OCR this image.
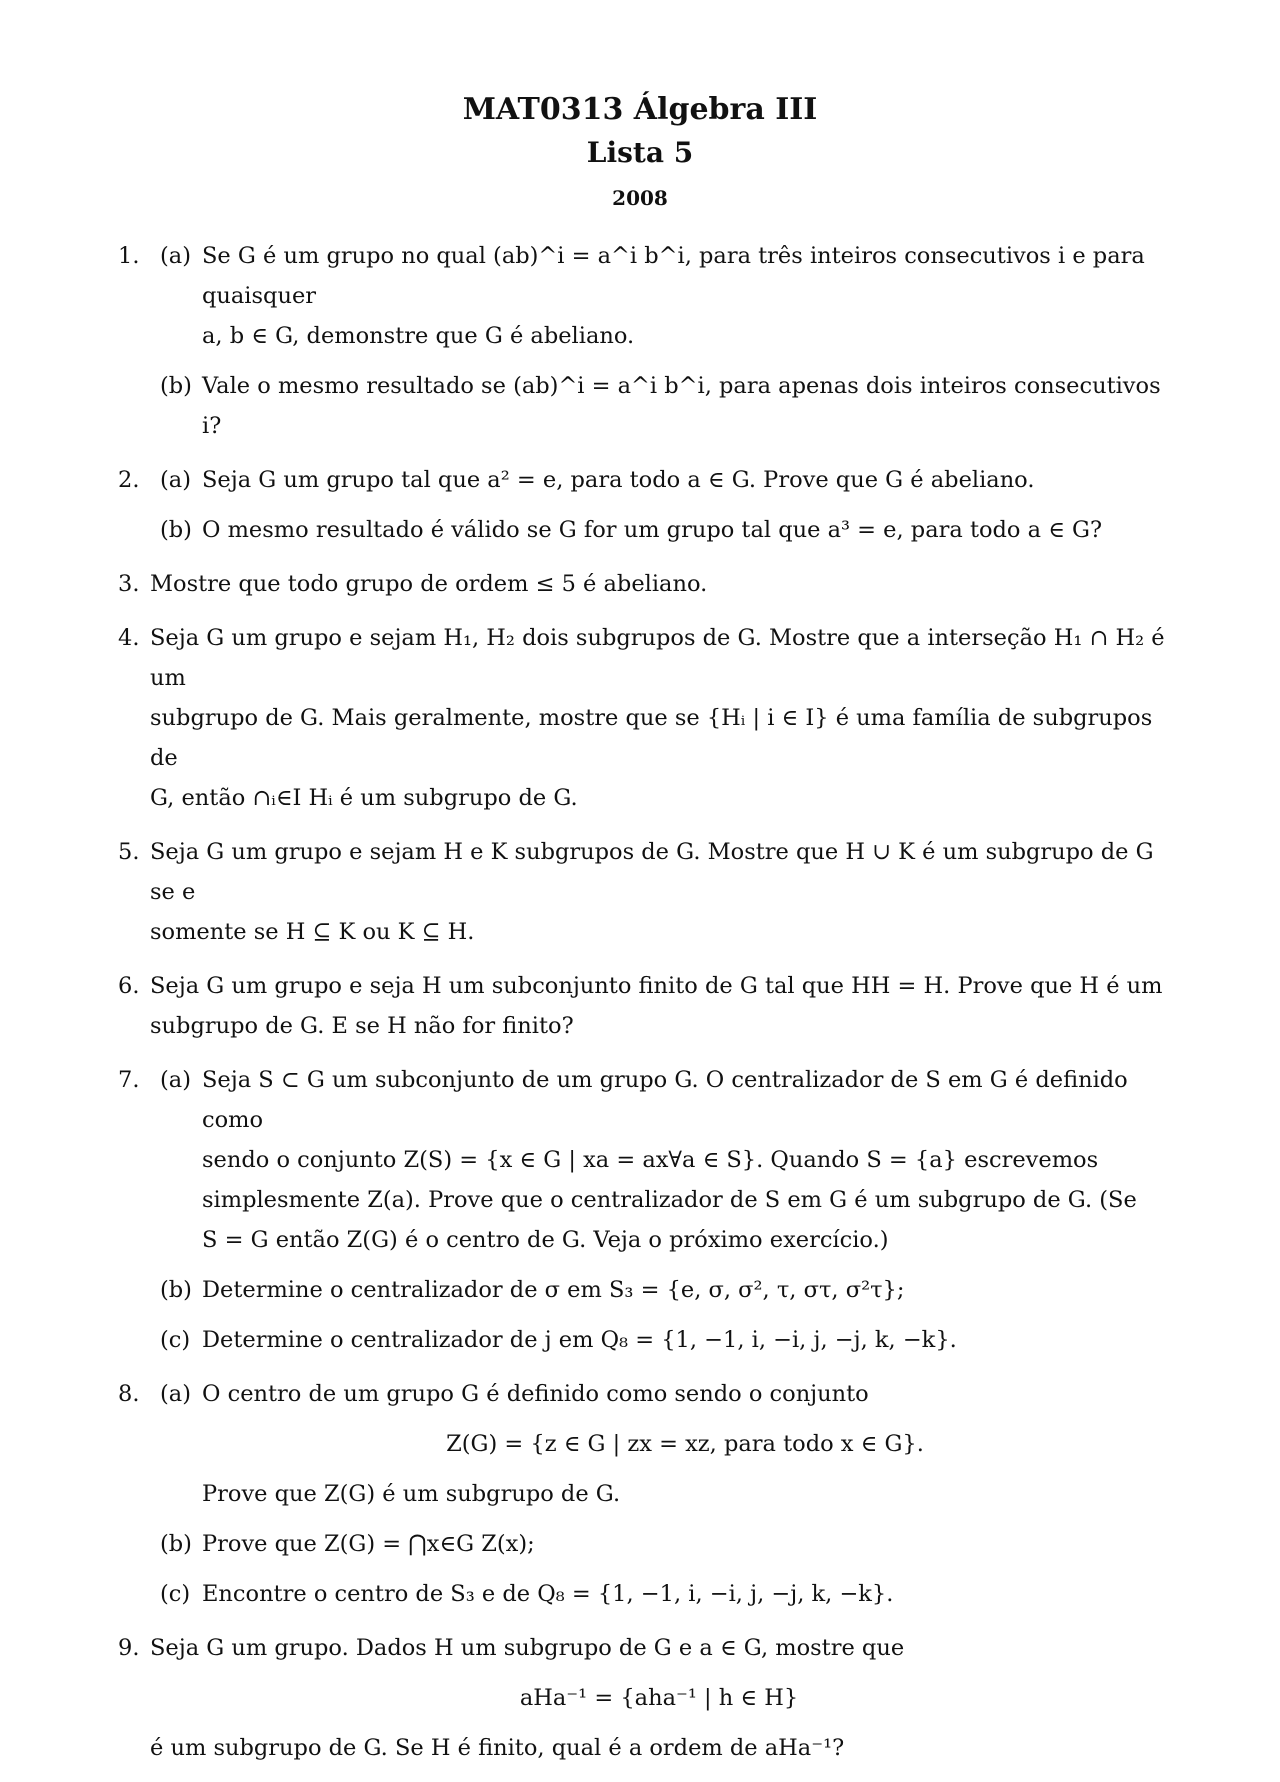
MAT0313 Álgebra III
Lista 5
2008
1. (a) Se G é um grupo no qual (ab)^i = a^i b^i, para três inteiros consecutivos i e para quaisquer
a, b ∈ G, demonstre que G é abeliano.
(b) Vale o mesmo resultado se (ab)^i = a^i b^i, para apenas dois inteiros consecutivos i?
2. (a) Seja G um grupo tal que a² = e, para todo a ∈ G. Prove que G é abeliano.
(b) O mesmo resultado é válido se G for um grupo tal que a³ = e, para todo a ∈ G?
3. Mostre que todo grupo de ordem ≤ 5 é abeliano.
4. Seja G um grupo e sejam H₁, H₂ dois subgrupos de G. Mostre que a interseção H₁ ∩ H₂ é um
subgrupo de G. Mais geralmente, mostre que se {Hᵢ | i ∈ I} é uma família de subgrupos de
G, então ∩ᵢ∈I Hᵢ é um subgrupo de G.
5. Seja G um grupo e sejam H e K subgrupos de G. Mostre que H ∪ K é um subgrupo de G se e
somente se H ⊆ K ou K ⊆ H.
6. Seja G um grupo e seja H um subconjunto finito de G tal que HH = H. Prove que H é um
subgrupo de G. E se H não for finito?
7. (a) Seja S ⊂ G um subconjunto de um grupo G. O centralizador de S em G é definido como
sendo o conjunto Z(S) = {x ∈ G | xa = ax∀a ∈ S}. Quando S = {a} escrevemos
simplesmente Z(a). Prove que o centralizador de S em G é um subgrupo de G. (Se
S = G então Z(G) é o centro de G. Veja o próximo exercício.)
(b) Determine o centralizador de σ em S₃ = {e, σ, σ², τ, στ, σ²τ};
(c) Determine o centralizador de j em Q₈ = {1, −1, i, −i, j, −j, k, −k}.
8. (a) O centro de um grupo G é definido como sendo o conjunto
Z(G) = {z ∈ G | zx = xz, para todo x ∈ G}.
Prove que Z(G) é um subgrupo de G.
(b) Prove que Z(G) = ⋂x∈G Z(x);
(c) Encontre o centro de S₃ e de Q₈ = {1, −1, i, −i, j, −j, k, −k}.
9. Seja G um grupo. Dados H um subgrupo de G e a ∈ G, mostre que
aHa⁻¹ = {aha⁻¹ | h ∈ H}
é um subgrupo de G. Se H é finito, qual é a ordem de aHa⁻¹?
